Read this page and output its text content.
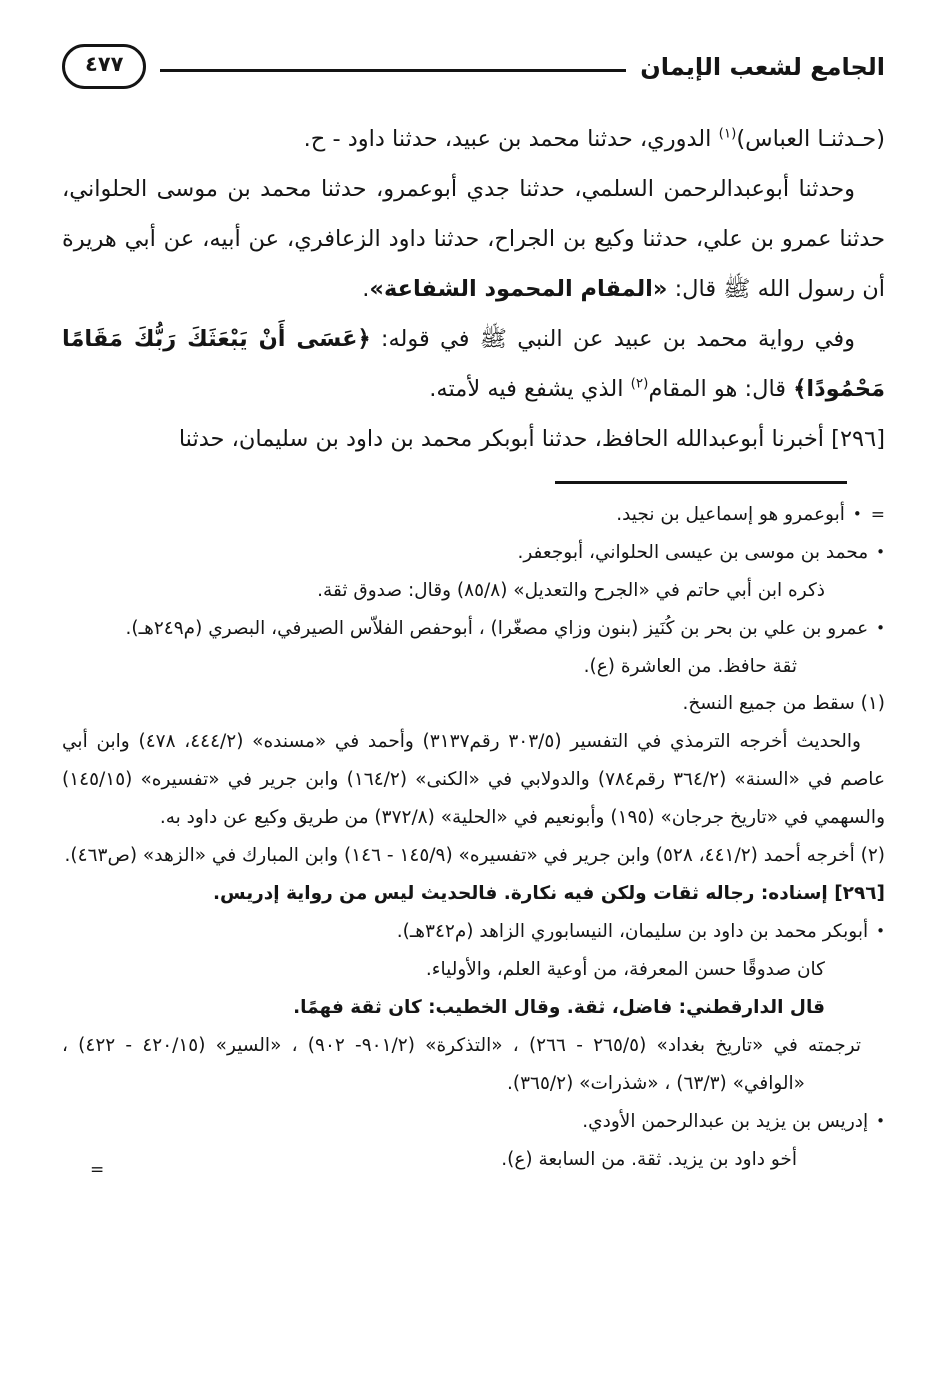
الجامع لشعب الإيمان
٤٧٧

(حـدثنـا العباس)$^{(١)}$ الدوري، حدثنا محمد بن عبيد، حدثنا داود - ح.

وحدثنا أبوعبدالرحمن السلمي، حدثنا جدي أبوعمرو، حدثنا محمد بن موسى الحلواني، حدثنا عمرو بن علي، حدثنا وكيع بن الجراح، حدثنا داود الزعافري، عن أبيه، عن أبي هريرة أن رسول الله ﷺ قال: «المقام المحمود الشفاعة».

وفي رواية محمد بن عبيد عن النبي ﷺ في قوله: ﴿عَسَى أَنْ يَبْعَثَكَ رَبُّكَ مَقَامًا مَحْمُودًا﴾ قال: هو المقام$^{(٢)}$ الذي يشفع فيه لأمته.

[٢٩٦] أخبرنا أبوعبدالله الحافظ، حدثنا أبوبكر محمد بن داود بن سليمان، حدثنا

=•أبوعمرو هو إسماعيل بن نجيد.
•محمد بن موسى بن عيسى الحلواني، أبوجعفر.
ذكره ابن أبي حاتم في «الجرح والتعديل» (٨٥/٨) وقال: صدوق ثقة.
•عمرو بن علي بن بحر بن كُنَيز (بنون وزاي مصغّرا) ، أبوحفص الفلاّس الصيرفي، البصري (م٢٤٩هـ).
ثقة حافظ. من العاشرة (ع).
(١) سقط من جميع النسخ.
والحديث أخرجه الترمذي في التفسير (٣٠٣/٥ رقم٣١٣٧) وأحمد في «مسنده» (٤٤٤/٢، ٤٧٨) وابن أبي عاصم في «السنة» (٣٦٤/٢ رقم٧٨٤) والدولابي في «الكنى» (١٦٤/٢) وابن جرير في «تفسيره» (١٤٥/١٥) والسهمي في «تاريخ جرجان» (١٩٥) وأبونعيم في «الحلية» (٣٧٢/٨) من طريق وكيع عن داود به.
(٢) أخرجه أحمد (٤٤١/٢، ٥٢٨) وابن جرير في «تفسيره» (١٤٥/٩ - ١٤٦) وابن المبارك في «الزهد» (ص٤٦٣).
[٢٩٦] إسناده: رجاله ثقات ولكن فيه نكارة. فالحديث ليس من رواية إدريس.
•أبوبكر محمد بن داود بن سليمان، النيسابوري الزاهد (م٣٤٢هـ).
كان صدوقًا حسن المعرفة، من أوعية العلم، والأولياء.
قال الدارقطني: فاضل، ثقة. وقال الخطيب: كان ثقة فهمًا.
ترجمته في «تاريخ بغداد» (٢٦٥/٥ - ٢٦٦) ، «التذكرة» (٩٠١/٢- ٩٠٢) ، «السير» (٤٢٠/١٥ - ٤٢٢) ، «الوافي» (٦٣/٣) ، «شذرات» (٣٦٥/٢).
•إدريس بن يزيد بن عبدالرحمن الأودي.
أخو داود بن يزيد. ثقة. من السابعة (ع).
=
